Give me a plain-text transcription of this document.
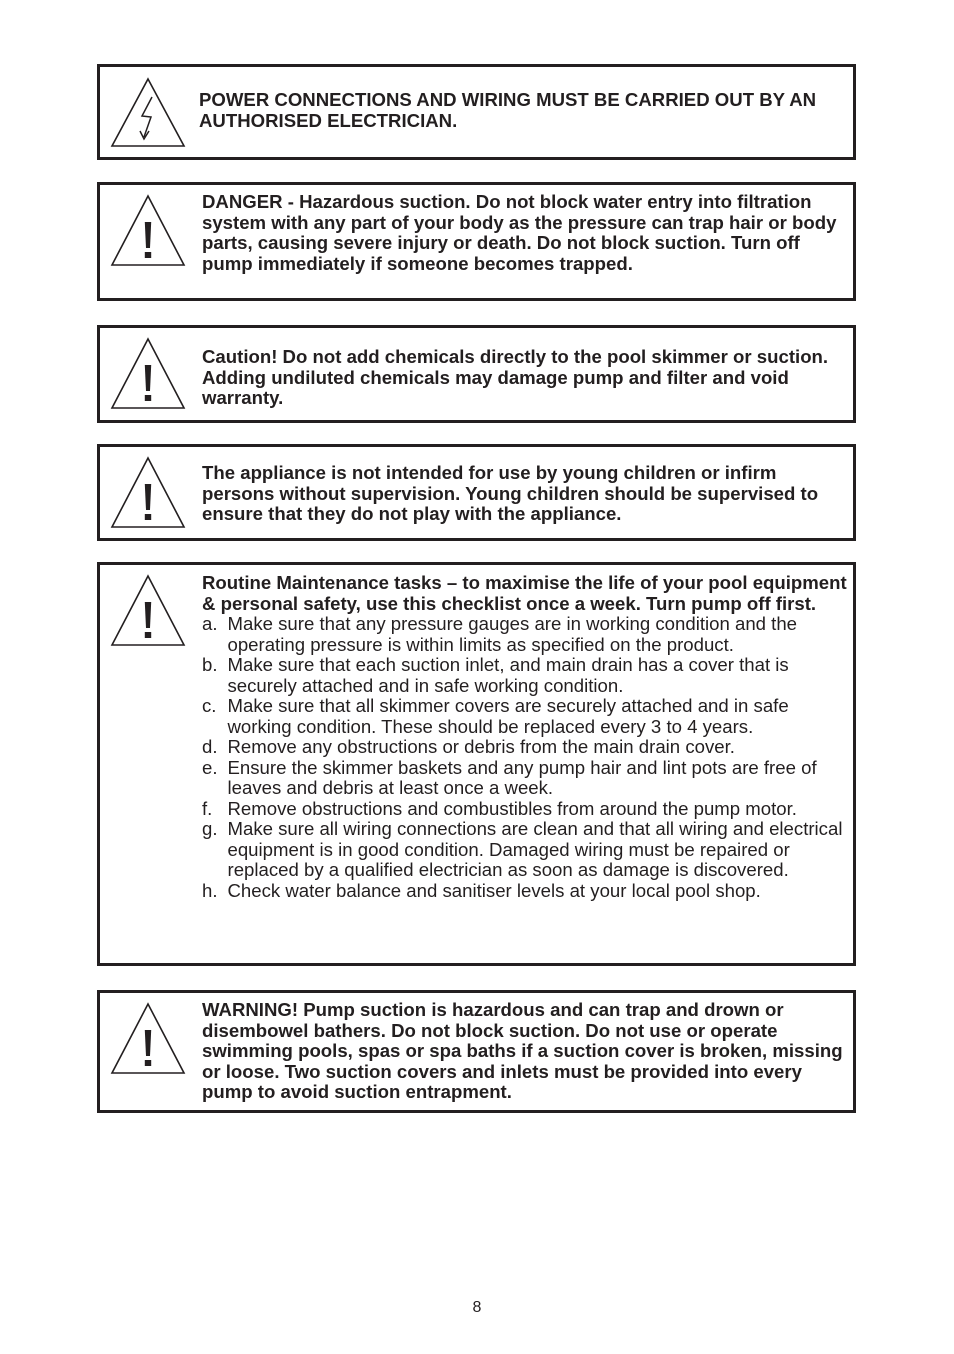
POWER CONNECTIONS AND WIRING MUST BE CARRIED OUT BY AN AUTHORISED ELECTRICIAN.
DANGER - Hazardous suction. Do not block water entry into filtration system with any part of your body as the pressure can trap hair or body parts, causing severe injury or death. Do not block suction. Turn off pump immediately if someone becomes trapped.
Caution! Do not add chemicals directly to the pool skimmer or suction. Adding undiluted chemicals may damage pump and filter and void warranty.
The appliance is not intended for use by young children or infirm persons without supervision. Young children should be supervised to ensure that they do not play with the appliance.
Routine Maintenance tasks – to maximise the life of your pool equipment & personal safety, use this checklist once a week. Turn pump off first.
a. Make sure that any pressure gauges are in working condition and the operating pressure is within limits as specified on the product.
b. Make sure that each suction inlet, and main drain has a cover that is securely attached and in safe working condition.
c. Make sure that all skimmer covers are securely attached and in safe working condition. These should be replaced every 3 to 4 years.
d. Remove any obstructions or debris from the main drain cover.
e. Ensure the skimmer baskets and any pump hair and lint pots are free of leaves and debris at least once a week.
f. Remove obstructions and combustibles from around the pump motor.
g. Make sure all wiring connections are clean and that all wiring and electrical equipment is in good condition. Damaged wiring must be repaired or replaced by a qualified electrician as soon as damage is discovered.
h. Check water balance and sanitiser levels at your local pool shop.
WARNING! Pump suction is hazardous and can trap and drown or disembowel bathers. Do not block suction. Do not use or operate swimming pools, spas or spa baths if a suction cover is broken, missing or loose. Two suction covers and inlets must be provided into every pump to avoid suction entrapment.
8
